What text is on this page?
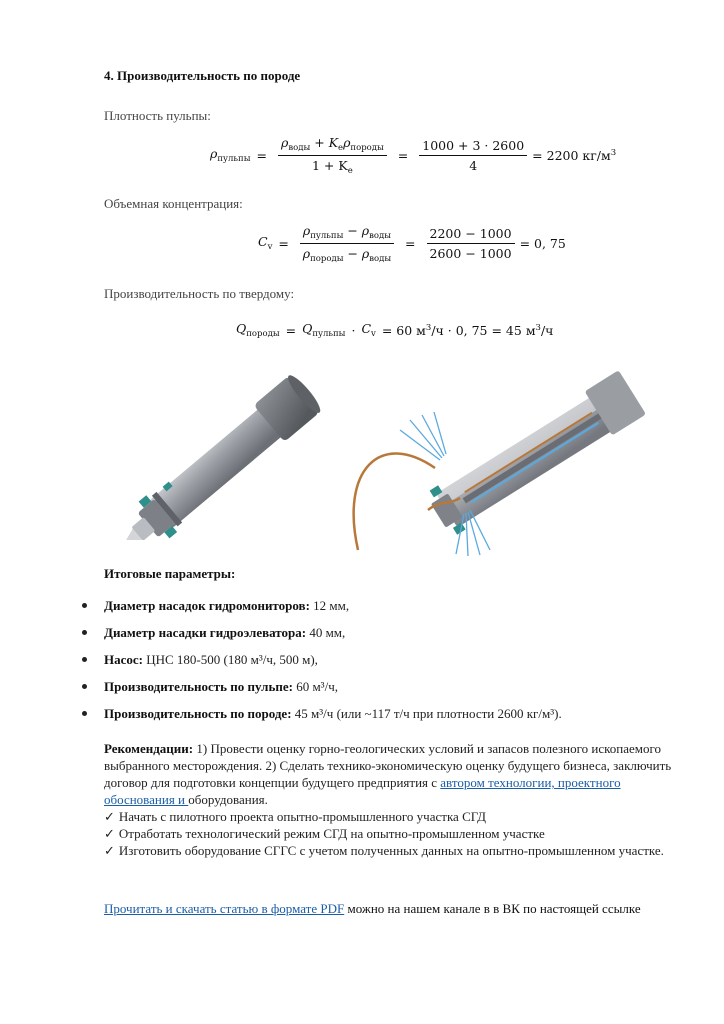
4. Производительность по породе
Плотность пульпы:
$\rho_{пульпы} = \frac{\rho_{воды} + K_e\rho_{породы}}{1 + K_e} = \frac{1000 + 3 \cdot 2600}{4} = 2200$ $кг/м^3$
Объемная концентрация:
$C_v = \frac{\rho_{пульпы} - \rho_{воды}}{\rho_{породы} - \rho_{воды}} = \frac{2200 - 1000}{2600 - 1000} = 0$, 75
Производительность по твердому:
$Q_{породы} = Q_{пульпы} \cdot C_v = 60$ $м^3/ч \cdot 0$, 75 = 45 $м^3/ч$
Итоговые параметры:
Диаметр насадок гидромониторов: 12 мм,
Диаметр насадки гидроэлеватора: 40 мм,
Насос: ЦНС 180-500 (180 м³/ч, 500 м),
Производительность по пульпе: 60 м³/ч,
Производительность по породе: 45 м³/ч (или ~117 т/ч при плотности 2600 кг/м³).
Рекомендации: 1) Провести оценку горно-геологических условий и запасов полезного ископаемого выбранного месторождения. 2) Сделать технико-экономическую оценку будущего бизнеса, заключить договор для подготовки концепции будущего предприятия с автором технологии, проектного обоснования и оборудования.
✓ Начать с пилотного проекта опытно-промышленного участка СГД
✓ Отработать технологический режим СГД на опытно-промышленном участке
✓ Изготовить оборудование СГГС с учетом полученных данных на опытно-промышленном участке.
Прочитать и скачать статью в формате PDF можно на нашем канале в в ВК по настоящей ссылке
